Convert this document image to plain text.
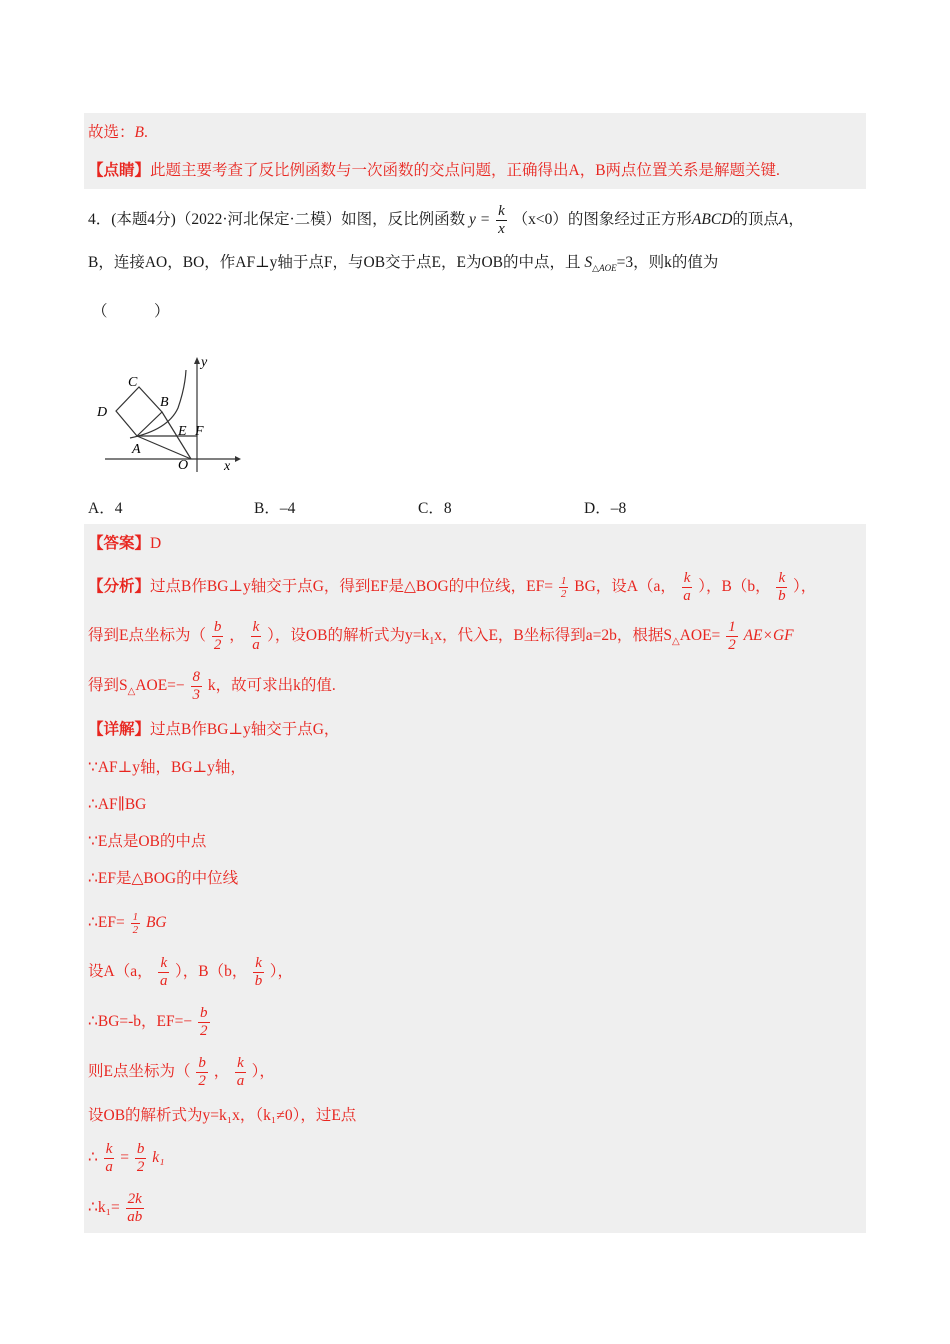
故选：B.
【点睛】此题主要考查了反比例函数与一次函数的交点问题，正确得出A，B两点位置关系是解题关键.
4．(本题4分)（2022·河北保定·二模）如图，反比例函数 $y = \frac{k}{x} (x<0)$的图象经过正方形ABCD的顶点A，
B，连接AO，BO，作AF⊥y轴于点F，与OB交于点E，E为OB的中点，且 $S_{\triangle AOE}=3$，则k的值为
（　　　）
C
B
D
E F
A
O	x
y
A．4	B．–4	C．8	D．–8
【答案】D
【分析】过点B作BG⊥y轴交于点G，得到EF是△BOG的中位线，$EF= \frac{1}{2}$ BG，设A（a， $\frac{k}{a}$ ），B（b， $\frac{k}{b}$ ），
得到E点坐标为（ $\frac{b}{2}$ ， $\frac{k}{a}$ ），设OB的解析式为$y=k_1x$，代入E，B坐标得到a=2b，根据$S_\triangle AOE= \frac{1}{2} AE\times GF$
得到$S_\triangle AOE=- \frac{8}{3}$ k，故可求出k的值.
【详解】过点B作BG⊥y轴交于点G，
∵AF⊥y轴，BG⊥y轴，
∴AF∥BG
∵E点是OB的中点
∴EF是△BOG的中位线
∴EF= $\frac{1}{2}$ BG
设A（a， $\frac{k}{a}$ ），B（b， $\frac{k}{b}$ ），
∴BG=-b，$EF=- \frac{b}{2}$
则E点坐标为（ $\frac{b}{2}$ ， $\frac{k}{a}$ ），
设OB的解析式为y=k₁x，（k₁≠0），过E点
∴ $\frac{k}{a} = \frac{b}{2} k_1$
∴k₁= $\frac{2k}{ab}$
